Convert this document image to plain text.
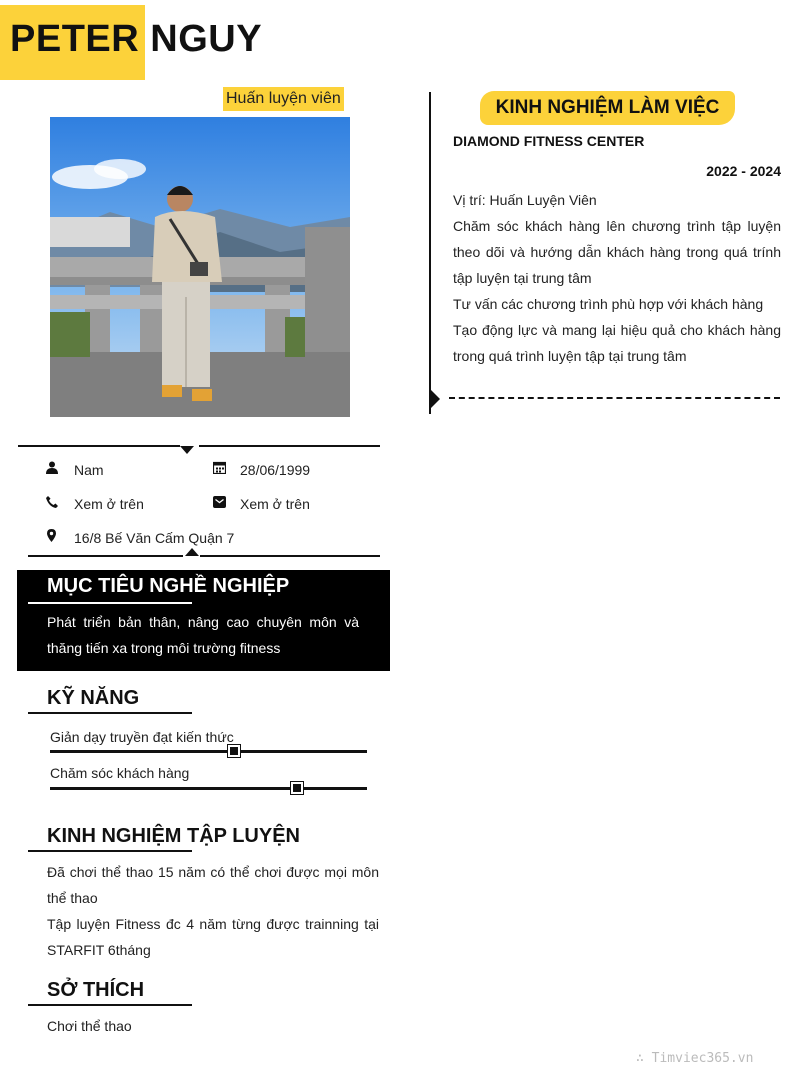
PETER NGUY
Huấn luyện viên
Nam	28/06/1999
Xem ở trên	Xem ở trên
16/8 Bế Văn Cấm Quận 7
MỤC TIÊU NGHỀ NGHIỆP
Phát triển bản thân, nâng cao chuyên môn và thăng tiến xa trong môi trường fitness
KỸ NĂNG
Giản dạy truyền đạt kiến thức
Chăm sóc khách hàng
KINH NGHIỆM TẬP LUYỆN
Đã chơi thể thao 15 năm có thể chơi được mọi môn thể thao
Tập luyện Fitness đc 4 năm từng được trainning tại STARFIT 6tháng
SỞ THÍCH
Chơi thể thao
KINH NGHIỆM LÀM VIỆC
DIAMOND FITNESS CENTER
2022 - 2024
Vị trí: Huấn Luyện Viên
Chăm sóc khách hàng lên chương trình tập luyện theo dõi và hướng dẫn khách hàng trong quá trính tập luyện tại trung tâm
Tư vấn các chương trình phù hợp với khách hàng
Tạo động lực và mang lại hiệu quả cho khách hàng trong quá trình luyện tập tại trung tâm
∴ Timviec365.vn
